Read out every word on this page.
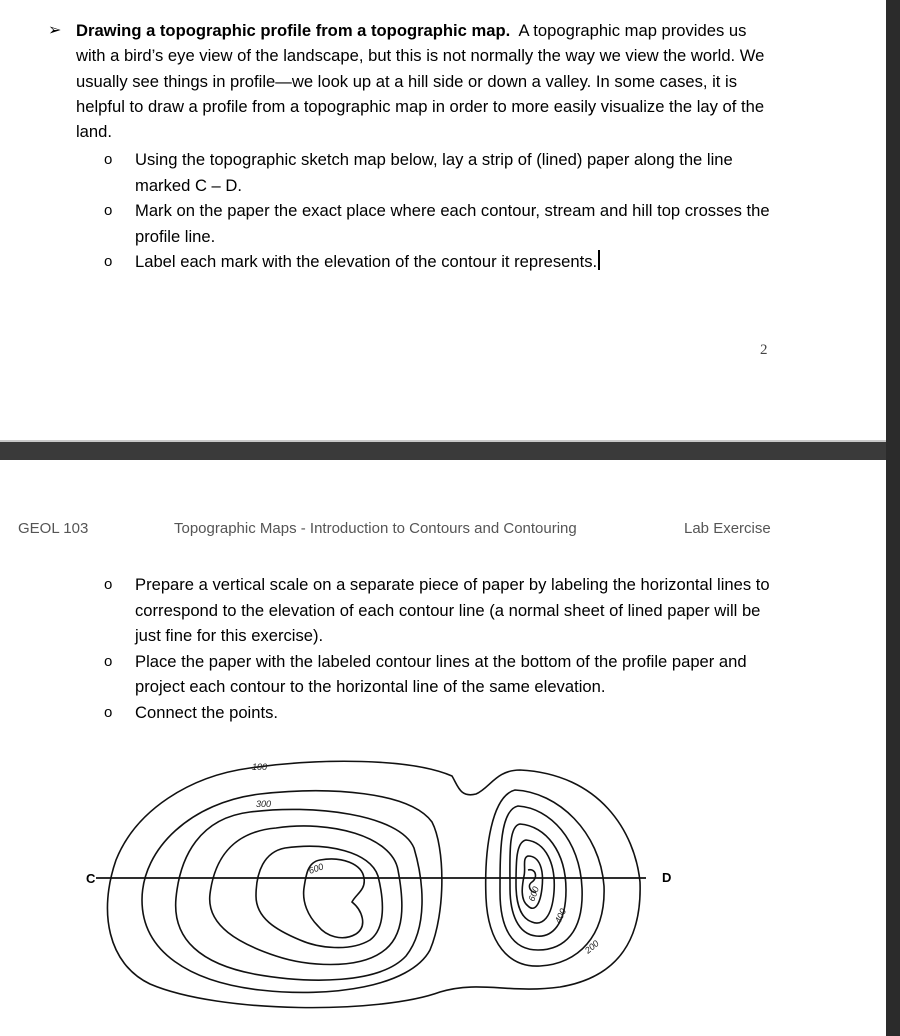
➢ Drawing a topographic profile from a topographic map. A topographic map provides us with a bird’s eye view of the landscape, but this is not normally the way we view the world. We usually see things in profile—we look up at a hill side or down a valley. In some cases, it is helpful to draw a profile from a topographic map in order to more easily visualize the lay of the land.
o Using the topographic sketch map below, lay a strip of (lined) paper along the line marked C – D.
o Mark on the paper the exact place where each contour, stream and hill top crosses the profile line.
o Label each mark with the elevation of the contour it represents.
2
GEOL 103	Topographic Maps - Introduction to Contours and Contouring	Lab Exercise
o Prepare a vertical scale on a separate piece of paper by labeling the horizontal lines to correspond to the elevation of each contour line (a normal sheet of lined paper will be just fine for this exercise).
o Place the paper with the labeled contour lines at the bottom of the profile paper and project each contour to the horizontal line of the same elevation.
o Connect the points.
C	D
100
300
600
600
400
200
